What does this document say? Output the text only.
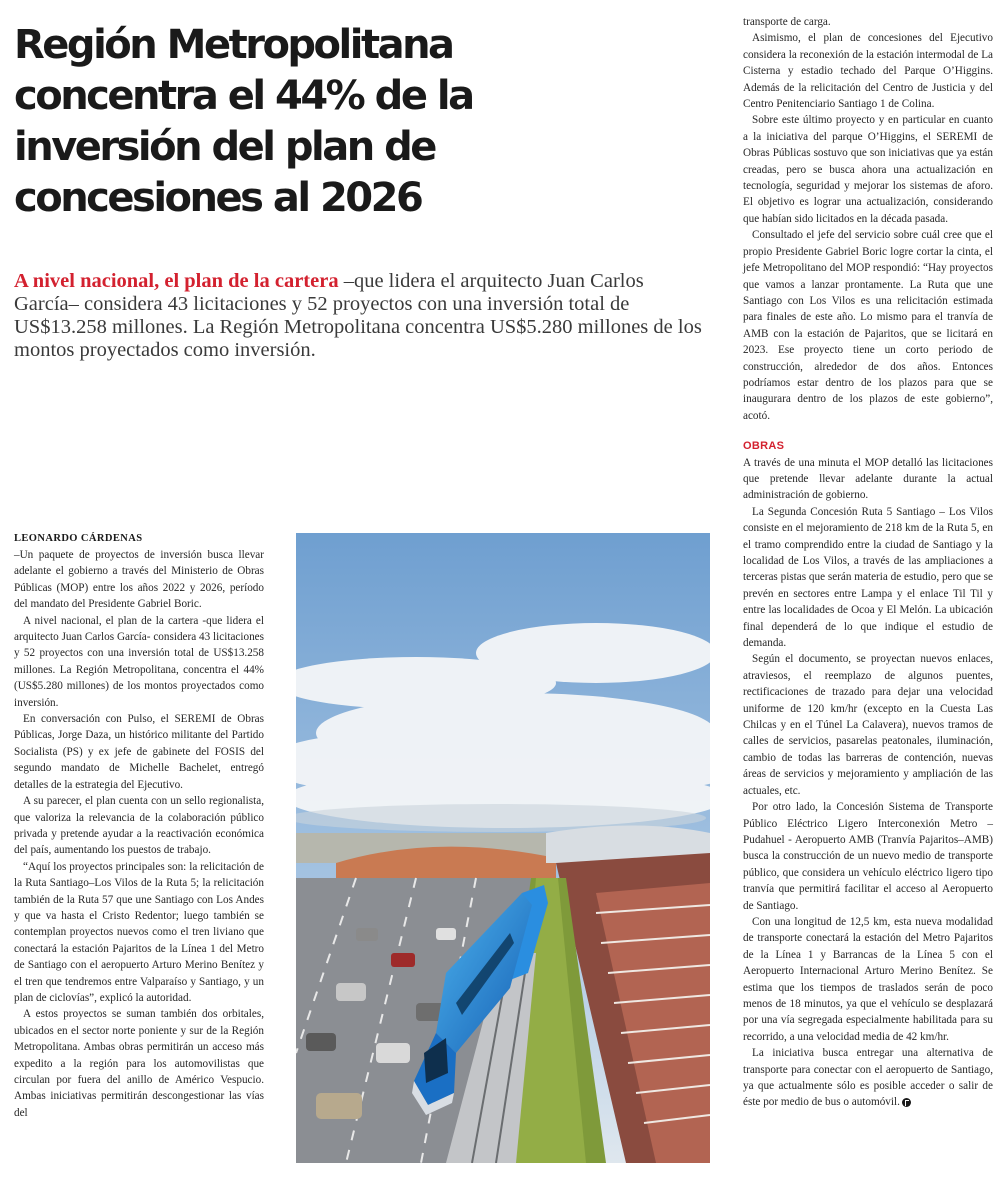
Región Metropolitana
concentra el 44% de la
inversión del plan de
concesiones al 2026

A nivel nacional, el plan de la cartera –que lidera el arquitecto Juan Carlos García– considera 43 licitaciones y 52 proyectos con una inversión total de US$13.258 millones. La Región Metropolitana concentra US$5.280 millones de los montos proyectados como inversión.

LEONARDO CÁRDENAS

–Un paquete de proyectos de inversión busca llevar adelante el gobierno a través del Ministerio de Obras Públicas (MOP) entre los años 2022 y 2026, período del mandato del Presidente Gabriel Boric.

A nivel nacional, el plan de la cartera -que lidera el arquitecto Juan Carlos García- considera 43 licitaciones y 52 proyectos con una inversión total de US$13.258 millones. La Región Metropolitana, concentra el 44% (US$5.280 millones) de los montos proyectados como inversión.

En conversación con Pulso, el SEREMI de Obras Públicas, Jorge Daza, un histórico militante del Partido Socialista (PS) y ex jefe de gabinete del FOSIS del segundo mandato de Michelle Bachelet, entregó detalles de la estrategia del Ejecutivo.

A su parecer, el plan cuenta con un sello regionalista, que valoriza la relevancia de la colaboración público privada y pretende ayudar a la reactivación económica del país, aumentando los puestos de trabajo.

“Aquí los proyectos principales son: la relicitación de la Ruta Santiago–Los Vilos de la Ruta 5; la relicitación también de la Ruta 57 que une Santiago con Los Andes y que va hasta el Cristo Redentor; luego también se contemplan proyectos nuevos como el tren liviano que conectará la estación Pajaritos de la Línea 1 del Metro de Santiago con el aeropuerto Arturo Merino Benítez y el tren que tendremos entre Valparaíso y Santiago, y un plan de ciclovías”, explicó la autoridad.

A estos proyectos se suman también dos orbitales, ubicados en el sector norte poniente y sur de la Región Metropolitana. Ambas obras permitirán un acceso más expedito a la región para los automovilistas que circulan por fuera del anillo de Américo Vespucio. Ambas iniciativas permitirán descongestionar las vías del

transporte de carga.

Asimismo, el plan de concesiones del Ejecutivo considera la reconexión de la estación intermodal de La Cisterna y estadio techado del Parque O’Higgins. Además de la relicitación del Centro de Justicia y del Centro Penitenciario Santiago 1 de Colina.

Sobre este último proyecto y en particular en cuanto a la iniciativa del parque O’Higgins, el SEREMI de Obras Públicas sostuvo que son iniciativas que ya están creadas, pero se busca ahora una actualización en tecnología, seguridad y mejorar los sistemas de aforo. El objetivo es lograr una actualización, considerando que habían sido licitados en la década pasada.

Consultado el jefe del servicio sobre cuál cree que el propio Presidente Gabriel Boric logre cortar la cinta, el jefe Metropolitano del MOP respondió: “Hay proyectos que vamos a lanzar prontamente. La Ruta que une Santiago con Los Vilos es una relicitación estimada para finales de este año. Lo mismo para el tranvía de AMB con la estación de Pajaritos, que se licitará en 2023. Ese proyecto tiene un corto periodo de construcción, alrededor de dos años. Entonces podríamos estar dentro de los plazos para que se inaugurara dentro de los plazos de este gobierno”, acotó.

OBRAS

A través de una minuta el MOP detalló las licitaciones que pretende llevar adelante durante la actual administración de gobierno.

La Segunda Concesión Ruta 5 Santiago – Los Vilos consiste en el mejoramiento de 218 km de la Ruta 5, en el tramo comprendido entre la ciudad de Santiago y la localidad de Los Vilos, a través de las ampliaciones a terceras pistas que serán materia de estudio, pero que se prevén en sectores entre Lampa y el enlace Til Til y entre las localidades de Ocoa y El Melón. La ubicación final dependerá de lo que indique el estudio de demanda.

Según el documento, se proyectan nuevos enlaces, atraviesos, el reemplazo de algunos puentes, rectificaciones de trazado para dejar una velocidad uniforme de 120 km/hr (excepto en la Cuesta Las Chilcas y en el Túnel La Calavera), nuevos tramos de calles de servicios, pasarelas peatonales, iluminación, cambio de todas las barreras de contención, nuevas áreas de servicios y mejoramiento y ampliación de las actuales, etc.

Por otro lado, la Concesión Sistema de Transporte Público Eléctrico Ligero Interconexión Metro – Pudahuel - Aeropuerto AMB (Tranvía Pajaritos–AMB) busca la construcción de un nuevo medio de transporte público, que considera un vehículo eléctrico ligero tipo tranvía que permitirá facilitar el acceso al Aeropuerto de Santiago.

Con una longitud de 12,5 km, esta nueva modalidad de transporte conectará la estación del Metro Pajaritos de la Línea 1 y Barrancas de la Línea 5 con el Aeropuerto Internacional Arturo Merino Benítez. Se estima que los tiempos de traslados serán de poco menos de 18 minutos, ya que el vehículo se desplazará por una vía segregada especialmente habilitada para su recorrido, a una velocidad media de 42 km/hr.

La iniciativa busca entregar una alternativa de transporte para conectar con el aeropuerto de Santiago, ya que actualmente sólo es posible acceder o salir de éste por medio de bus o automóvil.
